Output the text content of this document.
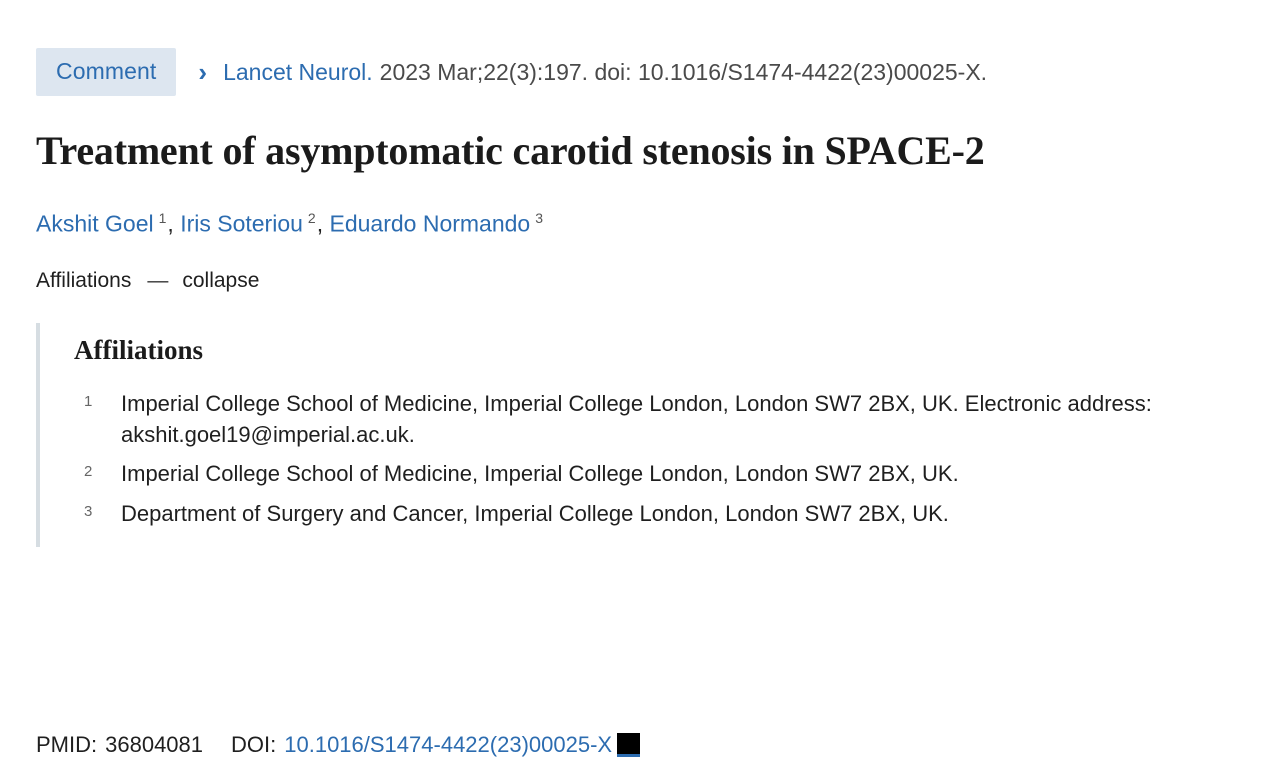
Comment	› Lancet Neurol. 2023 Mar;22(3):197. doi: 10.1016/S1474-4422(23)00025-X.
Treatment of asymptomatic carotid stenosis in SPACE-2
Akshit Goel $^1$, Iris Soteriou $^2$, Eduardo Normando $^3$
Affiliations — collapse
Affiliations
1 Imperial College School of Medicine, Imperial College London, London SW7 2BX, UK. Electronic address: akshit.goel19@imperial.ac.uk.
2 Imperial College School of Medicine, Imperial College London, London SW7 2BX, UK.
3 Department of Surgery and Cancer, Imperial College London, London SW7 2BX, UK.
PMID: 36804081 DOI: 10.1016/S1474-4422(23)00025-X
